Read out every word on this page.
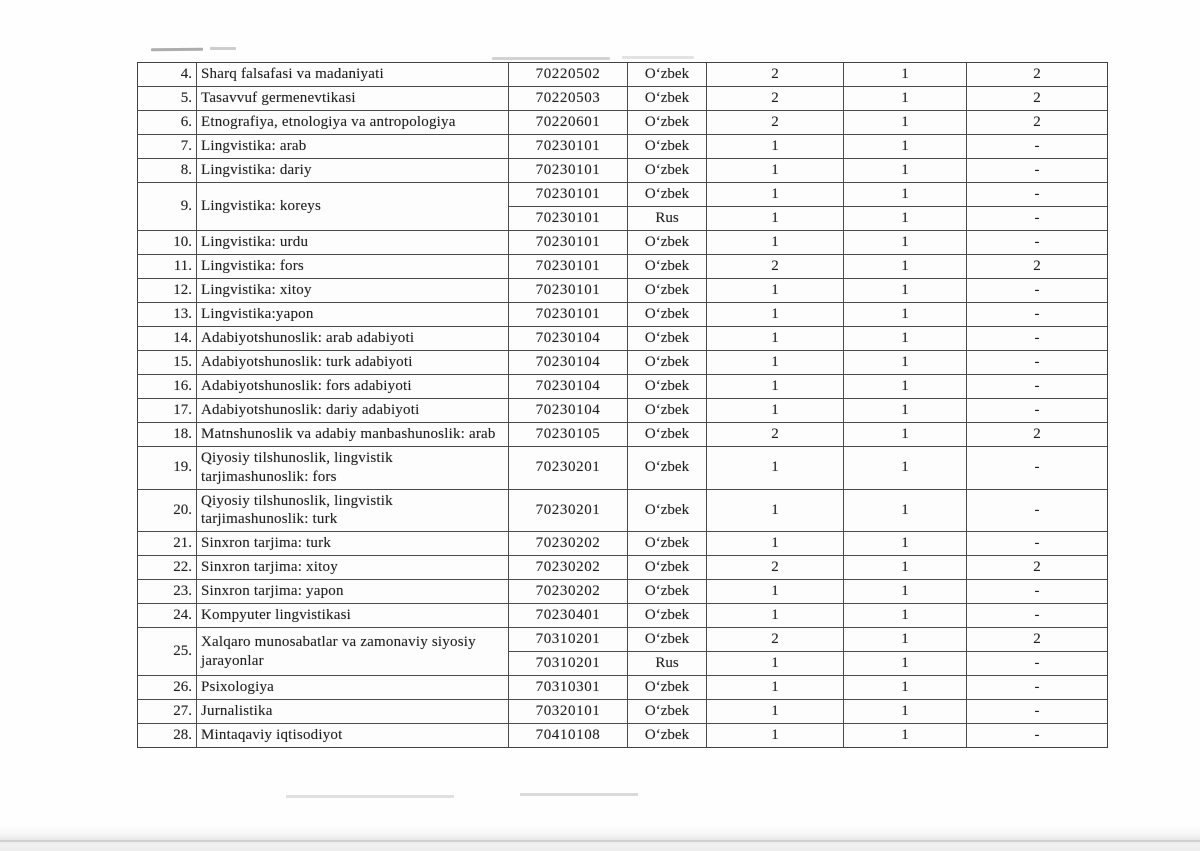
4.	Sharq falsafasi va madaniyati	70220502	Oʻzbek	2	1	2
5.	Tasavvuf germenevtikasi	70220503	Oʻzbek	2	1	2
6.	Etnografiya, etnologiya va antropologiya	70220601	Oʻzbek	2	1	2
7.	Lingvistika: arab	70230101	Oʻzbek	1	1	-
8.	Lingvistika: dariy	70230101	Oʻzbek	1	1	-
9.	Lingvistika: koreys	70230101	Oʻzbek	1	1	-
		70230101	Rus	1	1	-
10.	Lingvistika: urdu	70230101	Oʻzbek	1	1	-
11.	Lingvistika: fors	70230101	Oʻzbek	2	1	2
12.	Lingvistika: xitoy	70230101	Oʻzbek	1	1	-
13.	Lingvistika:yapon	70230101	Oʻzbek	1	1	-
14.	Adabiyotshunoslik: arab adabiyoti	70230104	Oʻzbek	1	1	-
15.	Adabiyotshunoslik: turk adabiyoti	70230104	Oʻzbek	1	1	-
16.	Adabiyotshunoslik: fors adabiyoti	70230104	Oʻzbek	1	1	-
17.	Adabiyotshunoslik: dariy adabiyoti	70230104	Oʻzbek	1	1	-
18.	Matnshunoslik va adabiy manbashunoslik: arab	70230105	Oʻzbek	2	1	2
19.	Qiyosiy tilshunoslik, lingvistik tarjimashunoslik: fors	70230201	Oʻzbek	1	1	-
20.	Qiyosiy tilshunoslik, lingvistik tarjimashunoslik: turk	70230201	Oʻzbek	1	1	-
21.	Sinxron tarjima: turk	70230202	Oʻzbek	1	1	-
22.	Sinxron tarjima: xitoy	70230202	Oʻzbek	2	1	2
23.	Sinxron tarjima: yapon	70230202	Oʻzbek	1	1	-
24.	Kompyuter lingvistikasi	70230401	Oʻzbek	1	1	-
25.	Xalqaro munosabatlar va zamonaviy siyosiy jarayonlar	70310201	Oʻzbek	2	1	2
		70310201	Rus	1	1	-
26.	Psixologiya	70310301	Oʻzbek	1	1	-
27.	Jurnalistika	70320101	Oʻzbek	1	1	-
28.	Mintaqaviy iqtisodiyot	70410108	Oʻzbek	1	1	-
